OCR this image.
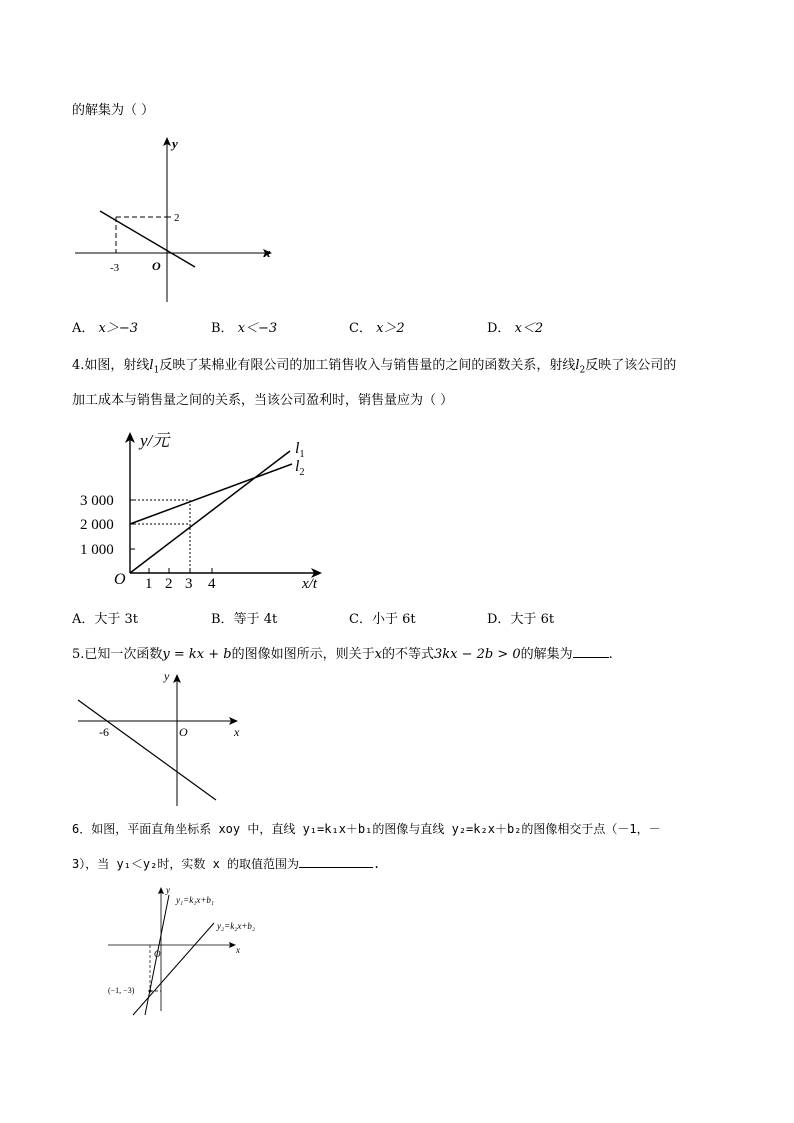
的解集为（ ）
y
x
O
2
-3
A． x＞−3	B． x＜−3	C． x＞2	D． x＜2
4.如图，射线$l_1$反映了某棉业有限公司的加工销售收入与销售量的之间的函数关系，射线$l_2$反映了该公司的
加工成本与销售量之间的关系，当该公司盈利时，销售量应为（ ）
y/元
x/t
O
3 000
2 000
1 000
1 2 3 4
$l_1$
$l_2$
A．大于 3t	B．等于 4t	C．小于 6t	D．大于 6t
5.已知一次函数y = kx + b的图像如图所示，则关于x的不等式3kx − 2b > 0的解集为	.
y
x
O
-6
6．如图，平面直角坐标系 xoy 中，直线 y₁=k₁x＋b₁的图像与直线 y₂=k₂x＋b₂的图像相交于点（－1，－
3），当 y₁＜y₂时，实数 x 的取值范围为	.
y
x
O
y₁=k₁x+b₁
y₂=k₂x+b₂
(−1, −3)
